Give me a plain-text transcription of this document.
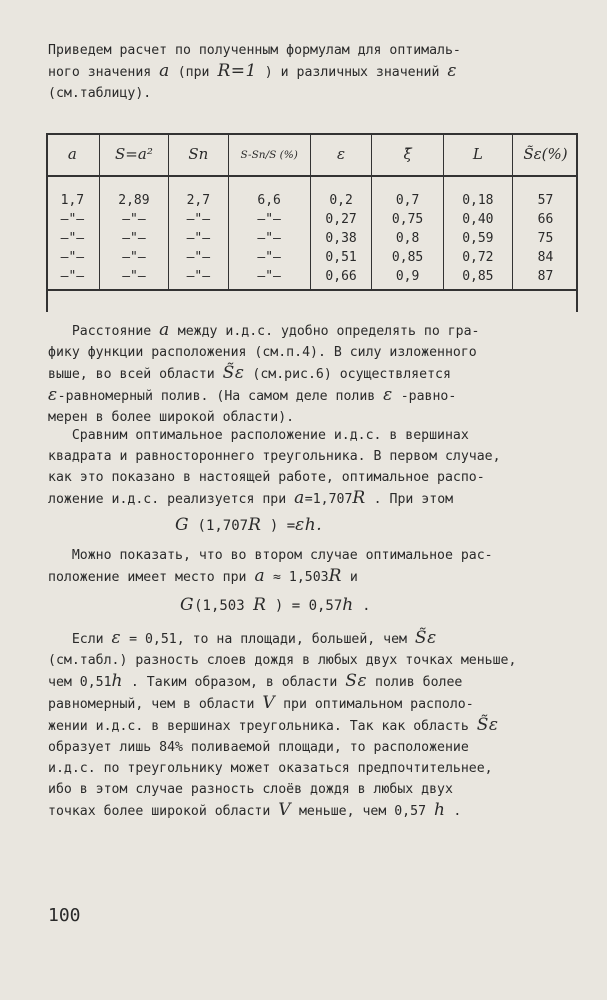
Приведем расчет по полученным формулам для оптималь-
ного значения a (при R=1 ) и различных значений ε
(см.таблицу).
a	S=a²	Sn	S-Sn/S (%)	ε	ξ̄	L	S̃ε(%)

1,7	2,89	2,7	6,6	0,2	0,7	0,18	57
–"–	–"–	–"–	–"–	0,27	0,75	0,40	66
–"–	–"–	–"–	–"–	0,38	0,8	0,59	75
–"–	–"–	–"–	–"–	0,51	0,85	0,72	84
–"–	–"–	–"–	–"–	0,66	0,9	0,85	87
Расстояние a между и.д.с. удобно определять по гра-
фику функции расположения (см.п.4). В силу изложенного
выше, во всей области S̃ε (см.рис.6) осуществляется
ε-равномерный полив. (На самом деле полив ε -равно-
мерен в более широкой области).
Сравним оптимальное расположение и.д.с. в вершинах
квадрата и равностороннего треугольника. В первом случае,
как это показано в настоящей работе, оптимальное распо-
ложение и.д.с. реализуется при a=1,707R . При этом
G (1,707R ) =εh.
Можно показать, что во втором случае оптимальное рас-
положение имеет место при a ≈ 1,503R и
G(1,503 R ) = 0,57h .
Если ε = 0,51, то на площади, большей, чем S̃ε
(см.табл.) разность слоев дождя в любых двух точках меньше,
чем 0,51h . Таким образом, в области Sε полив более
равномерный, чем в области V при оптимальном располо-
жении и.д.с. в вершинах треугольника. Так как область S̃ε
образует лишь 84% поливаемой площади, то расположение
и.д.с. по треугольнику может оказаться предпочтительнее,
ибо в этом случае разность слоёв дождя в любых двух
точках более широкой области V меньше, чем 0,57 h .
100
